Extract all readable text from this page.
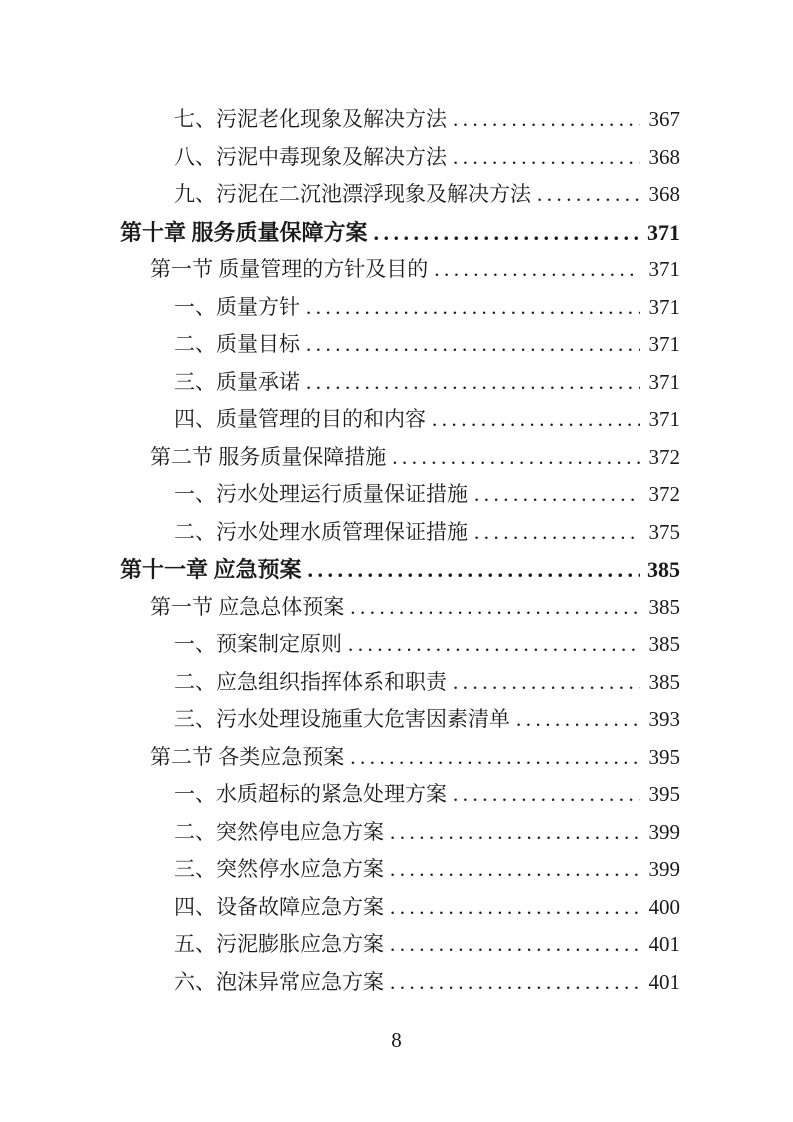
七、污泥老化现象及解决方法 .....	367
八、污泥中毒现象及解决方法 .....	368
九、污泥在二沉池漂浮现象及解决方法 .....	368
第十章 服务质量保障方案 .....	371
第一节 质量管理的方针及目的 .....	371
一、质量方针 .....	371
二、质量目标 .....	371
三、质量承诺 .....	371
四、质量管理的目的和内容 .....	371
第二节 服务质量保障措施 .....	372
一、污水处理运行质量保证措施 .....	372
二、污水处理水质管理保证措施 .....	375
第十一章 应急预案 .....	385
第一节 应急总体预案 .....	385
一、预案制定原则 .....	385
二、应急组织指挥体系和职责 .....	385
三、污水处理设施重大危害因素清单 .....	393
第二节 各类应急预案 .....	395
一、水质超标的紧急处理方案 .....	395
二、突然停电应急方案 .....	399
三、突然停水应急方案 .....	399
四、设备故障应急方案 .....	400
五、污泥膨胀应急方案 .....	401
六、泡沫异常应急方案 .....	401
8
